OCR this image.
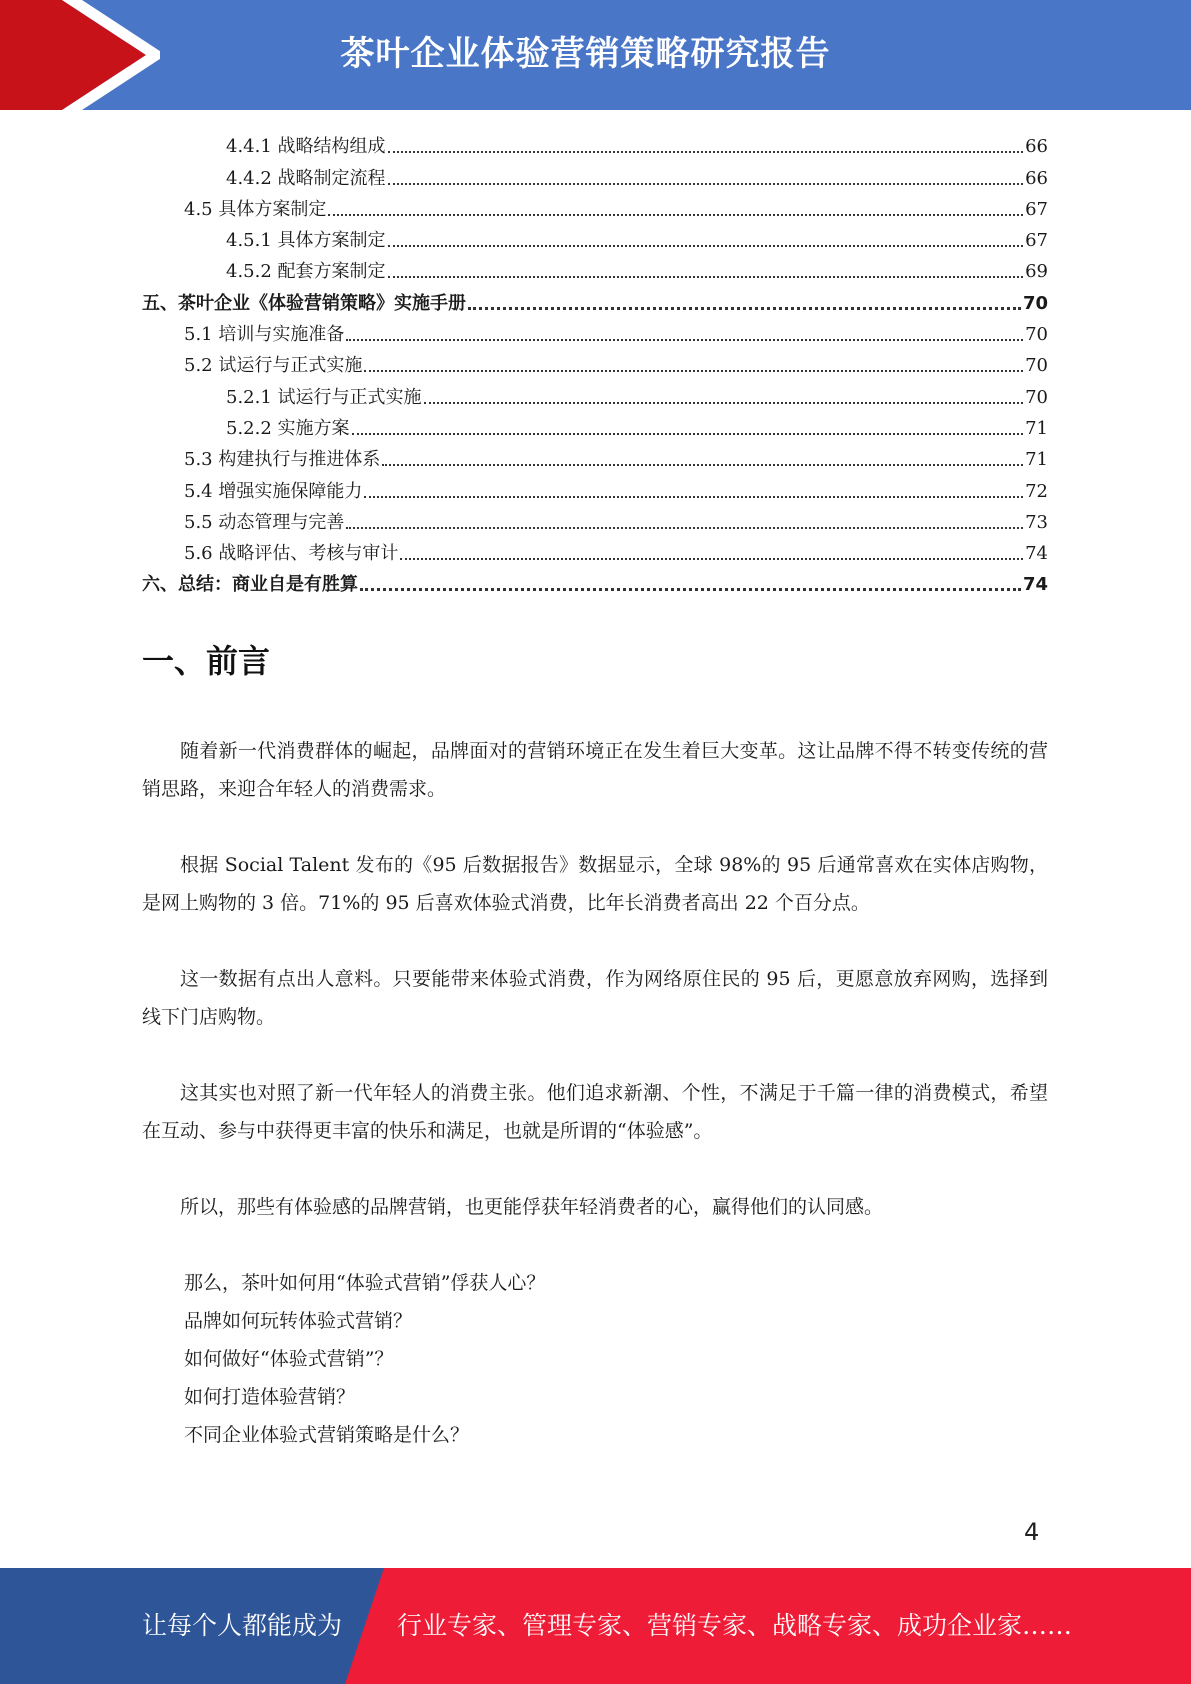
茶叶企业体验营销策略研究报告
4.4.1 战略结构组成	66
4.4.2 战略制定流程	66
4.5 具体方案制定	67
4.5.1 具体方案制定	67
4.5.2 配套方案制定	69
五、茶叶企业《体验营销策略》实施手册	70
5.1 培训与实施准备	70
5.2 试运行与正式实施	70
5.2.1 试运行与正式实施	70
5.2.2 实施方案	71
5.3 构建执行与推进体系	71
5.4 增强实施保障能力	72
5.5 动态管理与完善	73
5.6 战略评估、考核与审计	74
六、总结：商业自是有胜算	74
一、前言

随着新一代消费群体的崛起，品牌面对的营销环境正在发生着巨大变革。这让品牌不得不转变传统的营销思路，来迎合年轻人的消费需求。

根据 Social Talent 发布的《95 后数据报告》数据显示，全球 98%的 95 后通常喜欢在实体店购物，是网上购物的 3 倍。71%的 95 后喜欢体验式消费，比年长消费者高出 22 个百分点。

这一数据有点出人意料。只要能带来体验式消费，作为网络原住民的 95 后，更愿意放弃网购，选择到线下门店购物。

这其实也对照了新一代年轻人的消费主张。他们追求新潮、个性，不满足于千篇一律的消费模式，希望在互动、参与中获得更丰富的快乐和满足，也就是所谓的“体验感”。

所以，那些有体验感的品牌营销，也更能俘获年轻消费者的心，赢得他们的认同感。

那么，茶叶如何用“体验式营销”俘获人心？
品牌如何玩转体验式营销？
如何做好“体验式营销”？
如何打造体验营销？
不同企业体验式营销策略是什么？
4
让每个人都能成为 行业专家、管理专家、营销专家、战略专家、成功企业家……
